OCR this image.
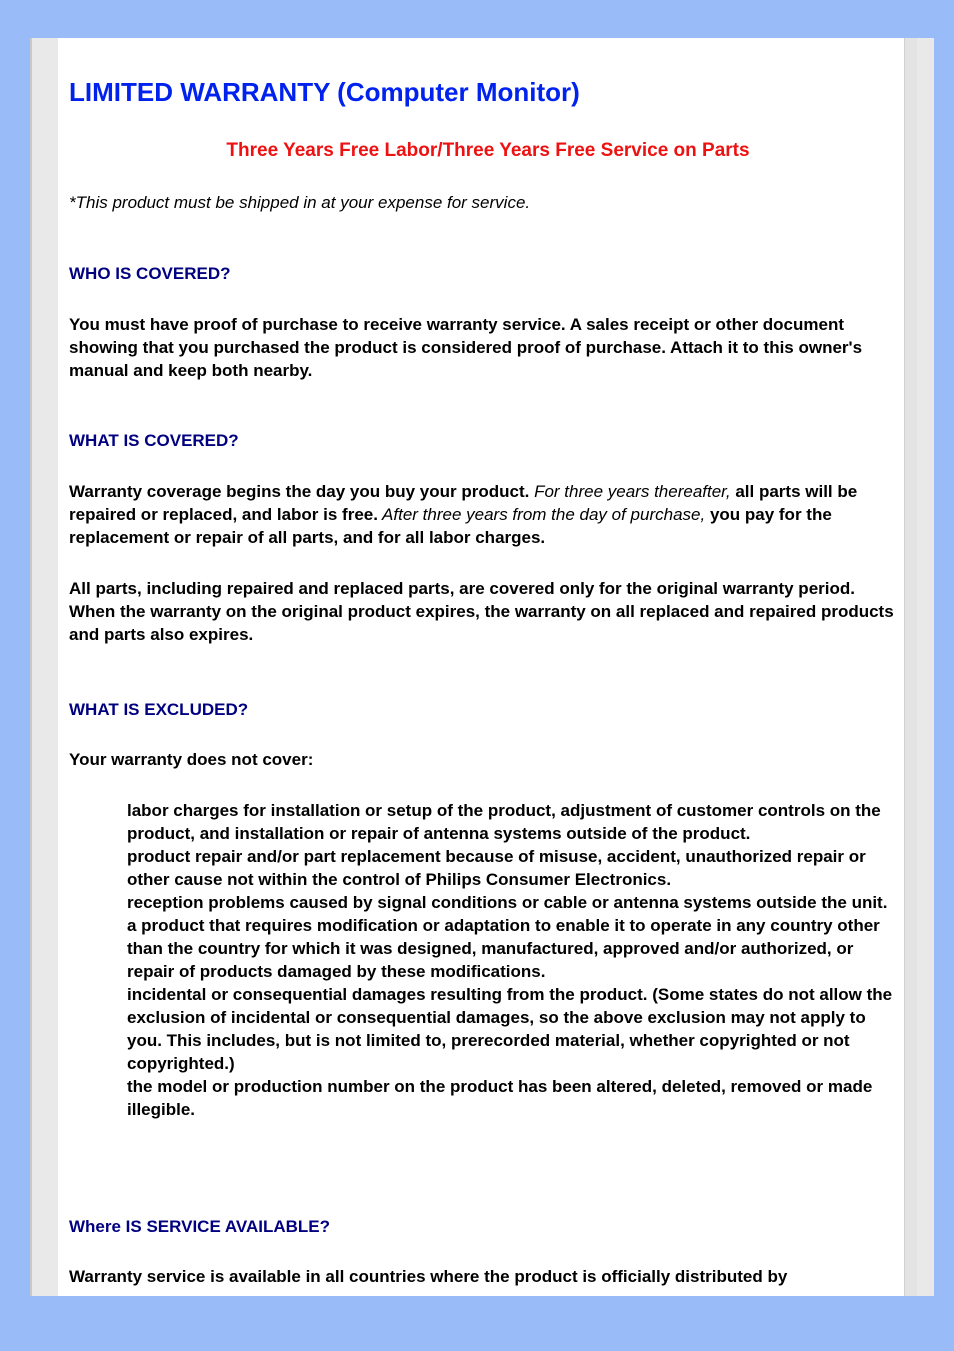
LIMITED WARRANTY (Computer Monitor)
Three Years Free Labor/Three Years Free Service on Parts
*This product must be shipped in at your expense for service.
WHO IS COVERED?
You must have proof of purchase to receive warranty service. A sales receipt or other document showing that you purchased the product is considered proof of purchase. Attach it to this owner's manual and keep both nearby.
WHAT IS COVERED?
Warranty coverage begins the day you buy your product. For three years thereafter, all parts will be repaired or replaced, and labor is free. After three years from the day of purchase, you pay for the replacement or repair of all parts, and for all labor charges.
All parts, including repaired and replaced parts, are covered only for the original warranty period. When the warranty on the original product expires, the warranty on all replaced and repaired products and parts also expires.
WHAT IS EXCLUDED?
Your warranty does not cover:
labor charges for installation or setup of the product, adjustment of customer controls on the product, and installation or repair of antenna systems outside of the product.
product repair and/or part replacement because of misuse, accident, unauthorized repair or other cause not within the control of Philips Consumer Electronics.
reception problems caused by signal conditions or cable or antenna systems outside the unit.
a product that requires modification or adaptation to enable it to operate in any country other than the country for which it was designed, manufactured, approved and/or authorized, or repair of products damaged by these modifications.
incidental or consequential damages resulting from the product. (Some states do not allow the exclusion of incidental or consequential damages, so the above exclusion may not apply to you. This includes, but is not limited to, prerecorded material, whether copyrighted or not copyrighted.)
the model or production number on the product has been altered, deleted, removed or made illegible.
Where IS SERVICE AVAILABLE?
Warranty service is available in all countries where the product is officially distributed by
